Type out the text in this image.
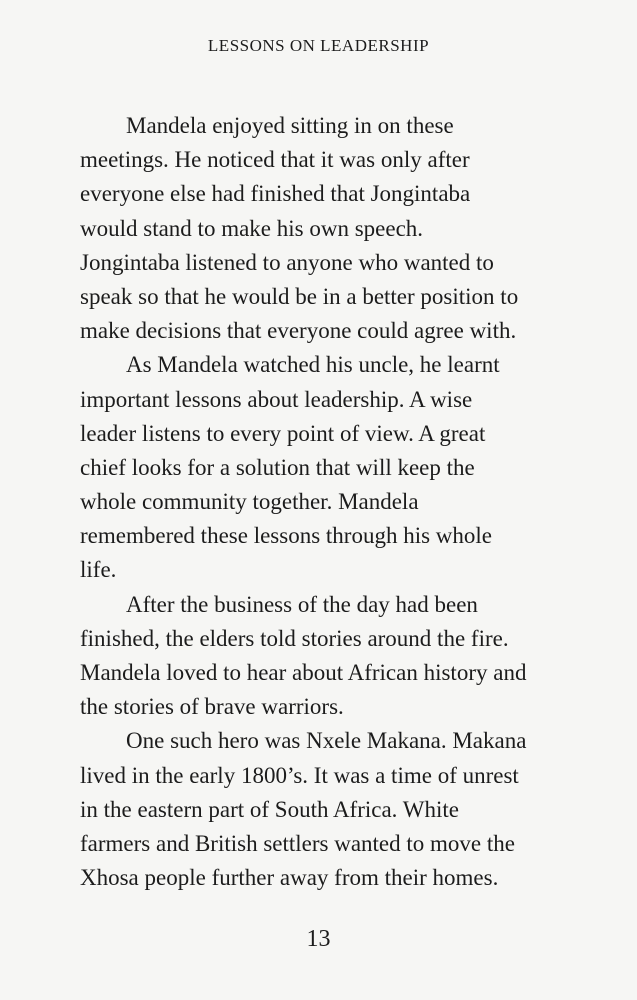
LESSONS ON LEADERSHIP
Mandela enjoyed sitting in on these
meetings. He noticed that it was only after
everyone else had finished that Jongintaba
would stand to make his own speech.
Jongintaba listened to anyone who wanted to
speak so that he would be in a better position to
make decisions that everyone could agree with.
As Mandela watched his uncle, he learnt
important lessons about leadership. A wise
leader listens to every point of view. A great
chief looks for a solution that will keep the
whole community together. Mandela
remembered these lessons through his whole
life.
After the business of the day had been
finished, the elders told stories around the fire.
Mandela loved to hear about African history and
the stories of brave warriors.
One such hero was Nxele Makana. Makana
lived in the early 1800’s. It was a time of unrest
in the eastern part of South Africa. White
farmers and British settlers wanted to move the
Xhosa people further away from their homes.
13
